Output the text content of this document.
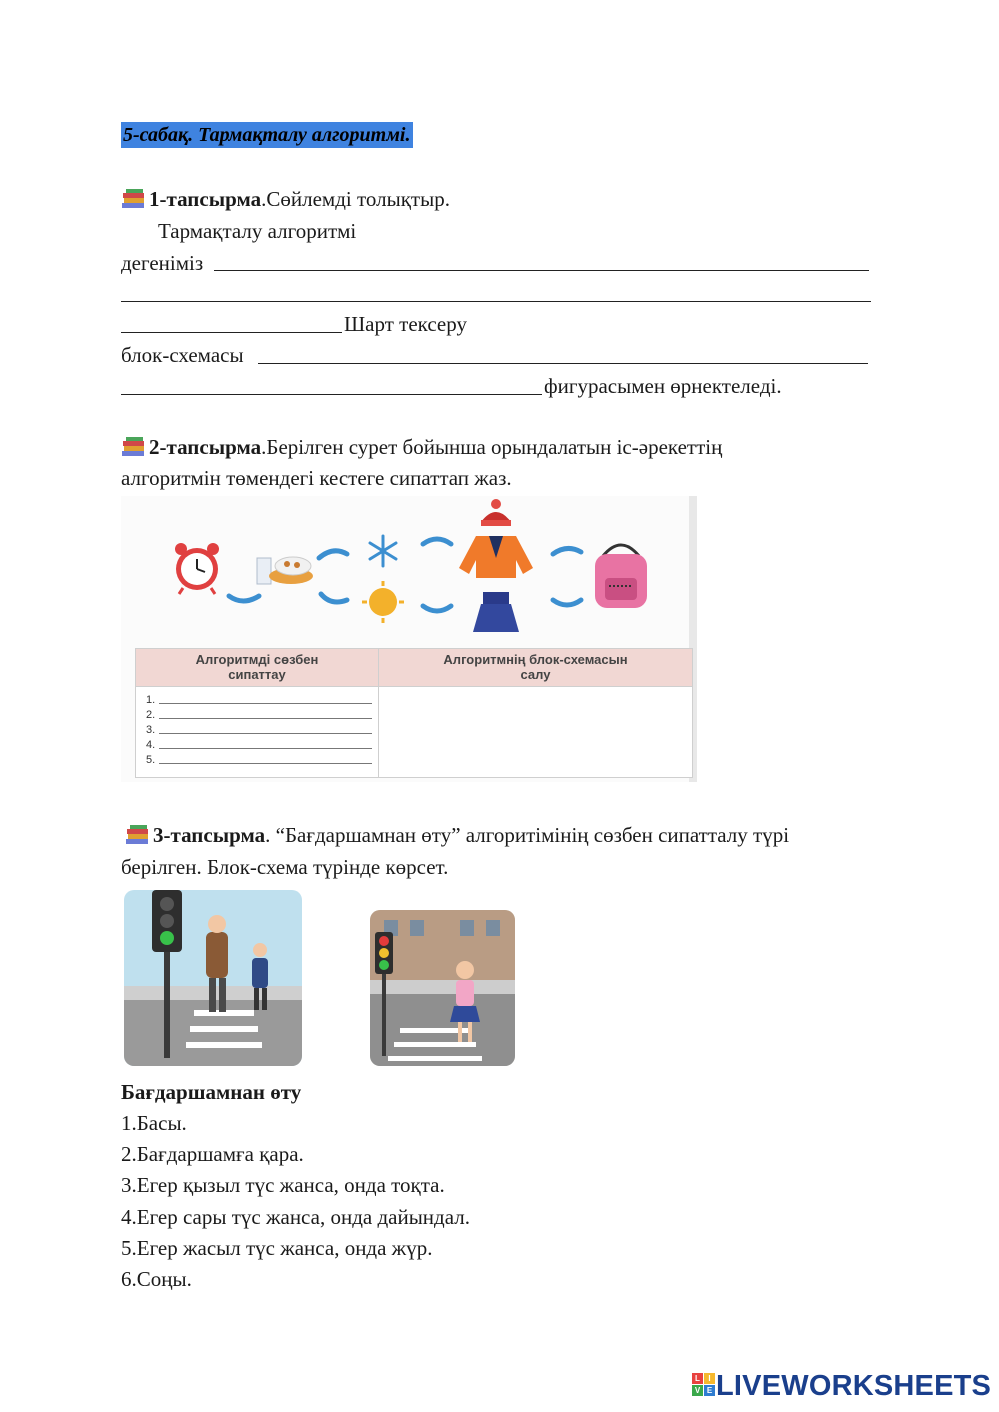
5-сабақ. Тармақталу алгоритмі.
1-тапсырма.Сөйлемді толықтыр.
Тармақталу алгоритмі
дегеніміз
Шарт тексеру
блок-схемасы
фигурасымен өрнектеледі.
2-тапсырма.Берілген сурет бойынша орындалатын іс-әрекеттің
алгоритмін төмендегі кестеге сипаттап жаз.
Алгоритмді сөзбен
сипаттау
Алгоритмнің блок-схемасын
салу
1.
2.
3.
4.
5.
3-тапсырма. “Бағдаршамнан өту” алгоритімінің сөзбен сипатталу түрі
берілген. Блок-схема түрінде көрсет.
Бағдаршамнан өту
1.Басы.
2.Бағдаршамға қара.
3.Егер қызыл түс жанса, онда тоқта.
4.Егер сары түс жанса, онда дайындал.
5.Егер жасыл түс жанса, онда жүр.
6.Соңы.
L	I
V E LIVEWORKSHEETS
